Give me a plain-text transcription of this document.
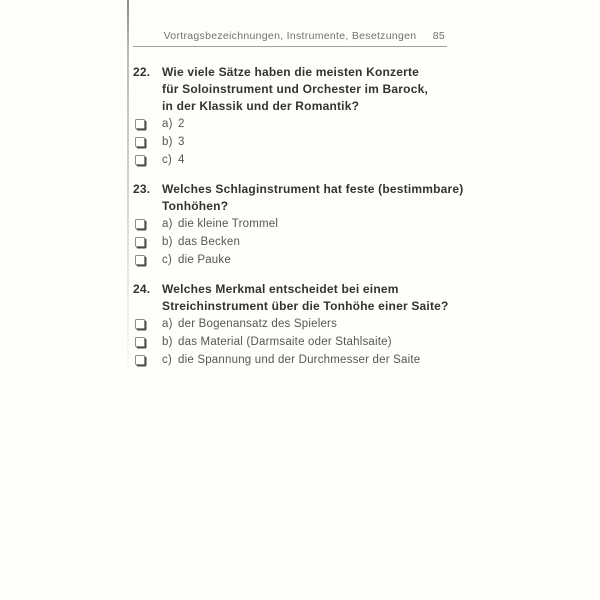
Vortragsbezeichnungen, Instrumente, Besetzungen 85
22. Wie viele Sätze haben die meisten Konzerte
für Soloinstrument und Orchester im Barock,
in der Klassik und der Romantik?
a) 2
b) 3
c) 4
23. Welches Schlaginstrument hat feste (bestimmbare)
Tonhöhen?
a) die kleine Trommel
b) das Becken
c) die Pauke
24. Welches Merkmal entscheidet bei einem
Streichinstrument über die Tonhöhe einer Saite?
a) der Bogenansatz des Spielers
b) das Material (Darmsaite oder Stahlsaite)
c) die Spannung und der Durchmesser der Saite
